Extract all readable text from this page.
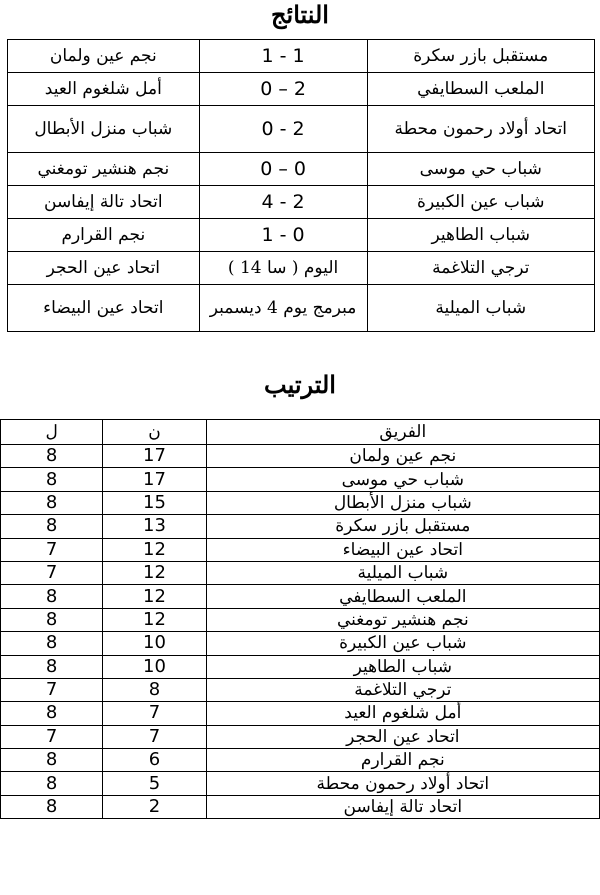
النتائج
مستقبل بازر سكرة	1 - 1	نجم عين ولمان
الملعب السطايفي	2 – 0	أمل شلغوم العيد
اتحاد أولاد رحمون محطة	2 - 0	شباب منزل الأبطال
شباب حي موسى	0 – 0	نجم هنشير تومغني
شباب عين الكبيرة	2 - 4	اتحاد تالة إيفاسن
شباب الطاهير	0 - 1	نجم القرارم
ترجي التلاغمة	اليوم ( سا 14 )	اتحاد عين الحجر
شباب الميلية	مبرمج يوم 4 ديسمبر	اتحاد عين البيضاء
الترتيب
الفريق	ن	ل
نجم عين ولمان	17	8
شباب حي موسى	17	8
شباب منزل الأبطال	15	8
مستقبل بازر سكرة	13	8
اتحاد عين البيضاء	12	7
شباب الميلية	12	7
الملعب السطايفي	12	8
نجم هنشير تومغني	12	8
شباب عين الكبيرة	10	8
شباب الطاهير	10	8
ترجي التلاغمة	8	7
أمل شلغوم العيد	7	8
اتحاد عين الحجر	7	7
نجم القرارم	6	8
اتحاد أولاد رحمون محطة	5	8
اتحاد تالة إيفاسن	2	8
